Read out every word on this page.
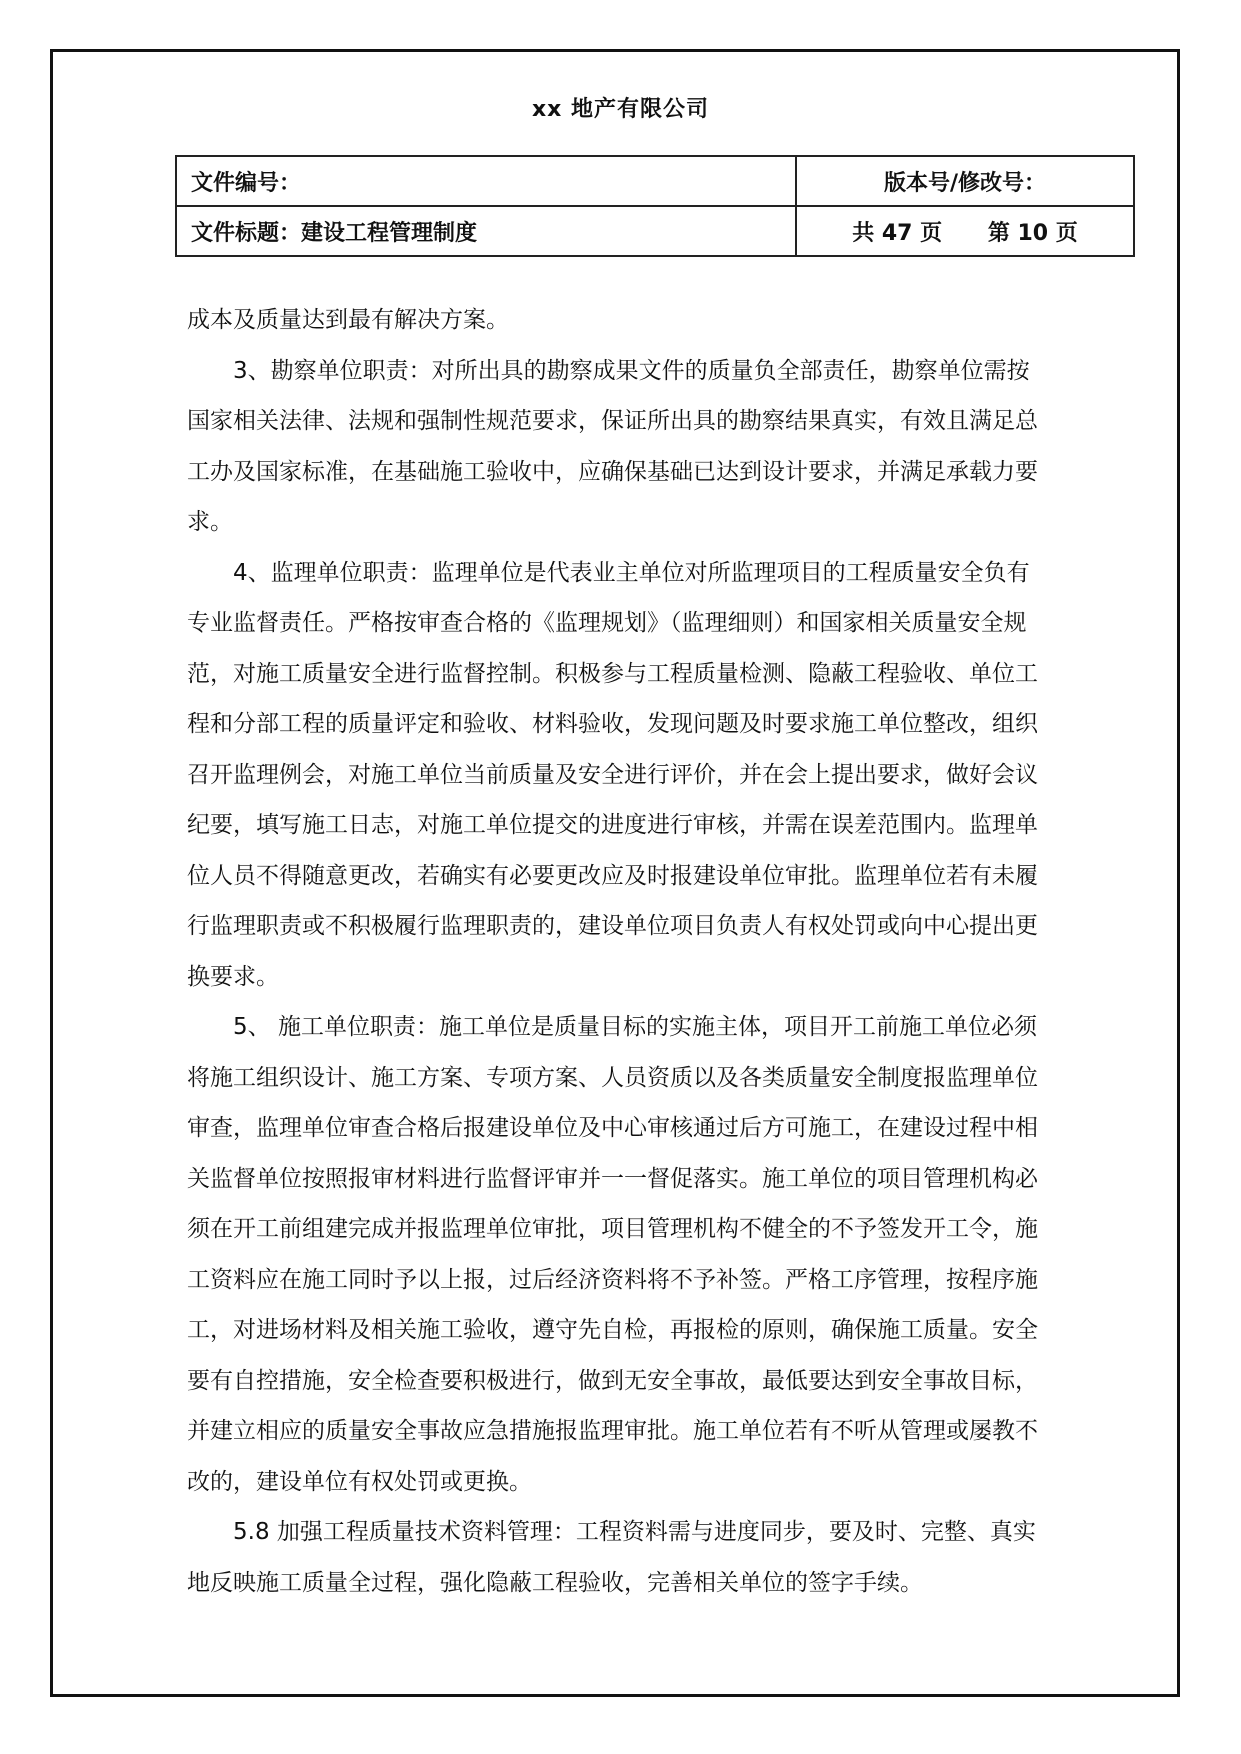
xx 地产有限公司
文件编号：	版本号/修改号：
文件标题：建设工程管理制度	共 47 页 第 10 页

成本及质量达到最有解决方案。

3、勘察单位职责：对所出具的勘察成果文件的质量负全部责任，勘察单位需按国家相关法律、法规和强制性规范要求，保证所出具的勘察结果真实，有效且满足总工办及国家标准，在基础施工验收中，应确保基础已达到设计要求，并满足承载力要求。

4、监理单位职责：监理单位是代表业主单位对所监理项目的工程质量安全负有专业监督责任。严格按审查合格的《监理规划》（监理细则）和国家相关质量安全规范，对施工质量安全进行监督控制。积极参与工程质量检测、隐蔽工程验收、单位工程和分部工程的质量评定和验收、材料验收，发现问题及时要求施工单位整改，组织召开监理例会，对施工单位当前质量及安全进行评价，并在会上提出要求，做好会议纪要，填写施工日志，对施工单位提交的进度进行审核，并需在误差范围内。监理单位人员不得随意更改，若确实有必要更改应及时报建设单位审批。监理单位若有未履行监理职责或不积极履行监理职责的，建设单位项目负责人有权处罚或向中心提出更换要求。

5、 施工单位职责：施工单位是质量目标的实施主体，项目开工前施工单位必须将施工组织设计、施工方案、专项方案、人员资质以及各类质量安全制度报监理单位审查，监理单位审查合格后报建设单位及中心审核通过后方可施工，在建设过程中相关监督单位按照报审材料进行监督评审并一一督促落实。施工单位的项目管理机构必须在开工前组建完成并报监理单位审批，项目管理机构不健全的不予签发开工令，施工资料应在施工同时予以上报，过后经济资料将不予补签。严格工序管理，按程序施工，对进场材料及相关施工验收，遵守先自检，再报检的原则，确保施工质量。安全要有自控措施，安全检查要积极进行，做到无安全事故，最低要达到安全事故目标，并建立相应的质量安全事故应急措施报监理审批。施工单位若有不听从管理或屡教不改的，建设单位有权处罚或更换。

5.8 加强工程质量技术资料管理：工程资料需与进度同步，要及时、完整、真实地反映施工质量全过程，强化隐蔽工程验收，完善相关单位的签字手续。
